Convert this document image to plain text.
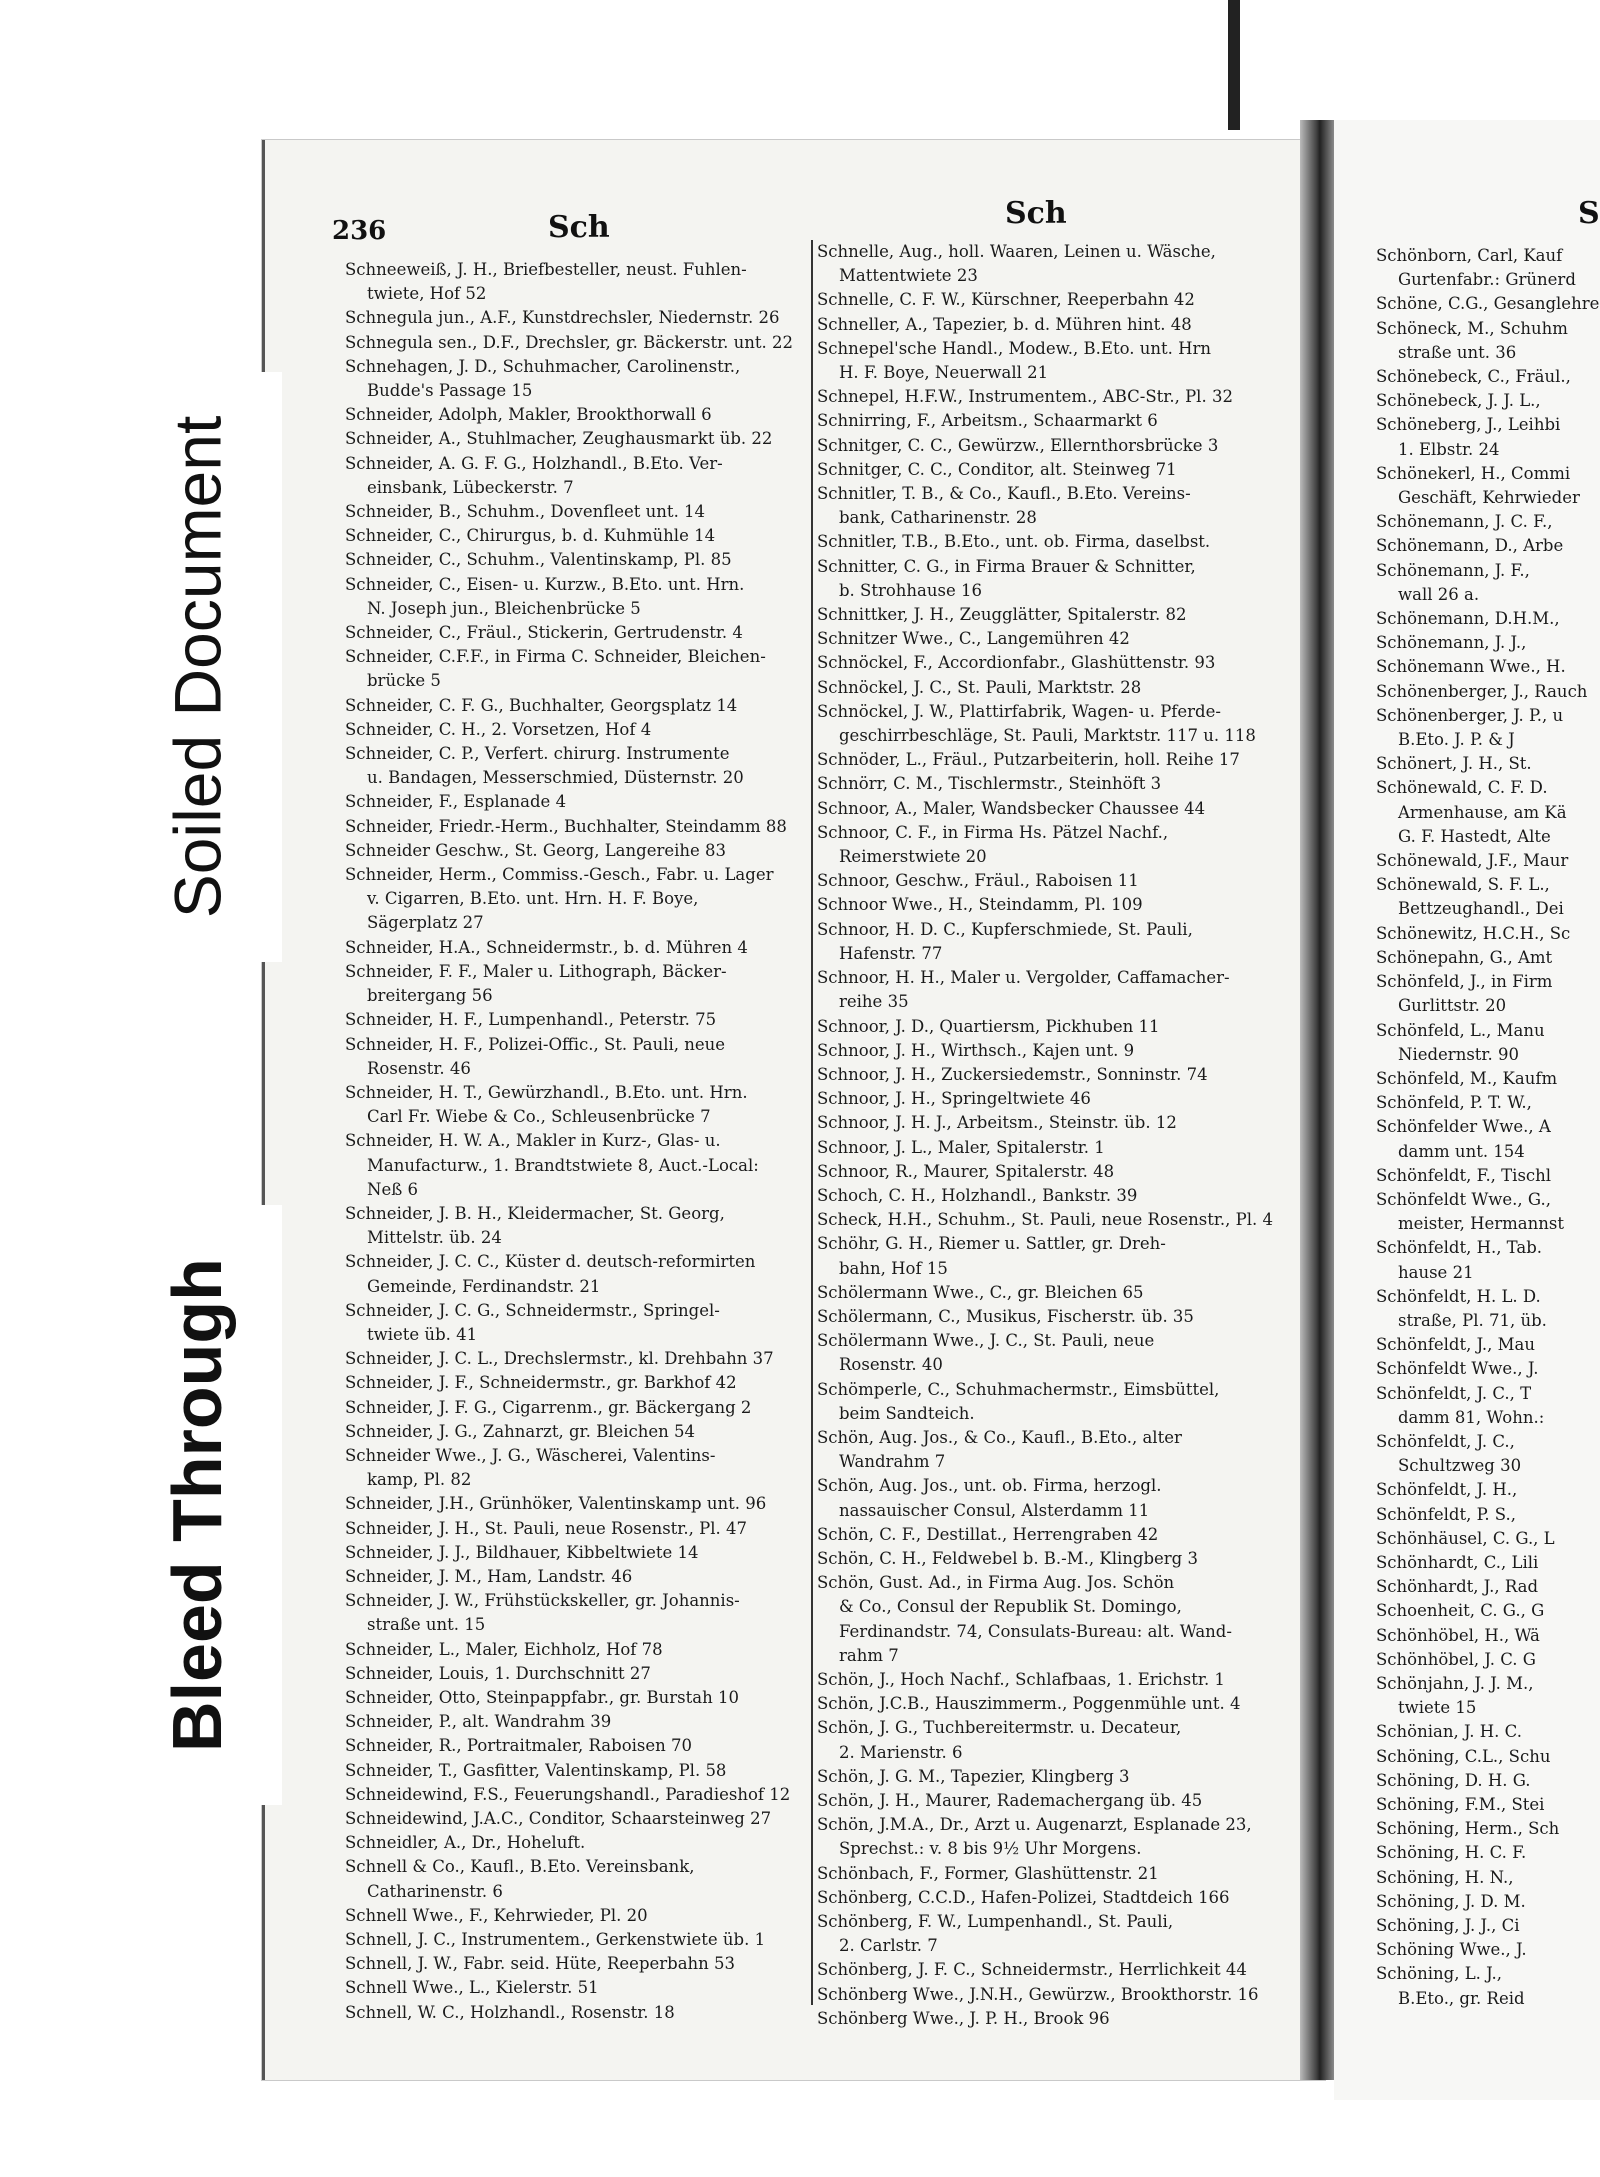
236	Sch	Sch	S
Schneeweiß, J. H., Briefbesteller, neust. Fuhlen-
twiete, Hof 52
Schnegula jun., A.F., Kunstdrechsler, Niedernstr. 26
Schnegula sen., D.F., Drechsler, gr. Bäckerstr. unt. 22
Schnehagen, J. D., Schuhmacher, Carolinenstr.,
Budde's Passage 15
Schneider, Adolph, Makler, Brookthorwall 6
Schneider, A., Stuhlmacher, Zeughausmarkt üb. 22
Schneider, A. G. F. G., Holzhandl., B.Eto. Ver-
einsbank, Lübeckerstr. 7
Schneider, B., Schuhm., Dovenfleet unt. 14
Schneider, C., Chirurgus, b. d. Kuhmühle 14
Schneider, C., Schuhm., Valentinskamp, Pl. 85
Schneider, C., Eisen- u. Kurzw., B.Eto. unt. Hrn.
N. Joseph jun., Bleichenbrücke 5
Schneider, C., Fräul., Stickerin, Gertrudenstr. 4
Schneider, C.F.F., in Firma C. Schneider, Bleichen-
brücke 5
Schneider, C. F. G., Buchhalter, Georgsplatz 14
Schneider, C. H., 2. Vorsetzen, Hof 4
Schneider, C. P., Verfert. chirurg. Instrumente
u. Bandagen, Messerschmied, Düsternstr. 20
Schneider, F., Esplanade 4
Schneider, Friedr.-Herm., Buchhalter, Steindamm 88
Schneider Geschw., St. Georg, Langereihe 83
Schneider, Herm., Commiss.-Gesch., Fabr. u. Lager
v. Cigarren, B.Eto. unt. Hrn. H. F. Boye,
Sägerplatz 27
Schneider, H.A., Schneidermstr., b. d. Mühren 4
Schneider, F. F., Maler u. Lithograph, Bäcker-
breitergang 56
Schneider, H. F., Lumpenhandl., Peterstr. 75
Schneider, H. F., Polizei-Offic., St. Pauli, neue
Rosenstr. 46
Schneider, H. T., Gewürzhandl., B.Eto. unt. Hrn.
Carl Fr. Wiebe & Co., Schleusenbrücke 7
Schneider, H. W. A., Makler in Kurz-, Glas- u.
Manufacturw., 1. Brandtstwiete 8, Auct.-Local:
Neß 6
Schneider, J. B. H., Kleidermacher, St. Georg,
Mittelstr. üb. 24
Schneider, J. C. C., Küster d. deutsch-reformirten
Gemeinde, Ferdinandstr. 21
Schneider, J. C. G., Schneidermstr., Springel-
twiete üb. 41
Schneider, J. C. L., Drechslermstr., kl. Drehbahn 37
Schneider, J. F., Schneidermstr., gr. Barkhof 42
Schneider, J. F. G., Cigarrenm., gr. Bäckergang 2
Schneider, J. G., Zahnarzt, gr. Bleichen 54
Schneider Wwe., J. G., Wäscherei, Valentins-
kamp, Pl. 82
Schneider, J.H., Grünhöker, Valentinskamp unt. 96
Schneider, J. H., St. Pauli, neue Rosenstr., Pl. 47
Schneider, J. J., Bildhauer, Kibbeltwiete 14
Schneider, J. M., Ham, Landstr. 46
Schneider, J. W., Frühstückskeller, gr. Johannis-
straße unt. 15
Schneider, L., Maler, Eichholz, Hof 78
Schneider, Louis, 1. Durchschnitt 27
Schneider, Otto, Steinpappfabr., gr. Burstah 10
Schneider, P., alt. Wandrahm 39
Schneider, R., Portraitmaler, Raboisen 70
Schneider, T., Gasfitter, Valentinskamp, Pl. 58
Schneidewind, F.S., Feuerungshandl., Paradieshof 12
Schneidewind, J.A.C., Conditor, Schaarsteinweg 27
Schneidler, A., Dr., Hoheluft.
Schnell & Co., Kaufl., B.Eto. Vereinsbank,
Catharinenstr. 6
Schnell Wwe., F., Kehrwieder, Pl. 20
Schnell, J. C., Instrumentem., Gerkenstwiete üb. 1
Schnell, J. W., Fabr. seid. Hüte, Reeperbahn 53
Schnell Wwe., L., Kielerstr. 51
Schnell, W. C., Holzhandl., Rosenstr. 18
Schnelle, Aug., holl. Waaren, Leinen u. Wäsche,
Mattentwiete 23
Schnelle, C. F. W., Kürschner, Reeperbahn 42
Schneller, A., Tapezier, b. d. Mühren hint. 48
Schnepel'sche Handl., Modew., B.Eto. unt. Hrn
H. F. Boye, Neuerwall 21
Schnepel, H.F.W., Instrumentem., ABC-Str., Pl. 32
Schnirring, F., Arbeitsm., Schaarmarkt 6
Schnitger, C. C., Gewürzw., Ellernthorsbrücke 3
Schnitger, C. C., Conditor, alt. Steinweg 71
Schnitler, T. B., & Co., Kaufl., B.Eto. Vereins-
bank, Catharinenstr. 28
Schnitler, T.B., B.Eto., unt. ob. Firma, daselbst.
Schnitter, C. G., in Firma Brauer & Schnitter,
b. Strohhause 16
Schnittker, J. H., Zeugglätter, Spitalerstr. 82
Schnitzer Wwe., C., Langemühren 42
Schnöckel, F., Accordionfabr., Glashüttenstr. 93
Schnöckel, J. C., St. Pauli, Marktstr. 28
Schnöckel, J. W., Plattirfabrik, Wagen- u. Pferde-
geschirrbeschläge, St. Pauli, Marktstr. 117 u. 118
Schnöder, L., Fräul., Putzarbeiterin, holl. Reihe 17
Schnörr, C. M., Tischlermstr., Steinhöft 3
Schnoor, A., Maler, Wandsbecker Chaussee 44
Schnoor, C. F., in Firma Hs. Pätzel Nachf.,
Reimerstwiete 20
Schnoor, Geschw., Fräul., Raboisen 11
Schnoor Wwe., H., Steindamm, Pl. 109
Schnoor, H. D. C., Kupferschmiede, St. Pauli,
Hafenstr. 77
Schnoor, H. H., Maler u. Vergolder, Caffamacher-
reihe 35
Schnoor, J. D., Quartiersm, Pickhuben 11
Schnoor, J. H., Wirthsch., Kajen unt. 9
Schnoor, J. H., Zuckersiedemstr., Sonninstr. 74
Schnoor, J. H., Springeltwiete 46
Schnoor, J. H. J., Arbeitsm., Steinstr. üb. 12
Schnoor, J. L., Maler, Spitalerstr. 1
Schnoor, R., Maurer, Spitalerstr. 48
Schoch, C. H., Holzhandl., Bankstr. 39
Scheck, H.H., Schuhm., St. Pauli, neue Rosenstr., Pl. 4
Schöhr, G. H., Riemer u. Sattler, gr. Dreh-
bahn, Hof 15
Schölermann Wwe., C., gr. Bleichen 65
Schölermann, C., Musikus, Fischerstr. üb. 35
Schölermann Wwe., J. C., St. Pauli, neue
Rosenstr. 40
Schömperle, C., Schuhmachermstr., Eimsbüttel,
beim Sandteich.
Schön, Aug. Jos., & Co., Kaufl., B.Eto., alter
Wandrahm 7
Schön, Aug. Jos., unt. ob. Firma, herzogl.
nassauischer Consul, Alsterdamm 11
Schön, C. F., Destillat., Herrengraben 42
Schön, C. H., Feldwebel b. B.-M., Klingberg 3
Schön, Gust. Ad., in Firma Aug. Jos. Schön
& Co., Consul der Republik St. Domingo,
Ferdinandstr. 74, Consulats-Bureau: alt. Wand-
rahm 7
Schön, J., Hoch Nachf., Schlafbaas, 1. Erichstr. 1
Schön, J.C.B., Hauszimmerm., Poggenmühle unt. 4
Schön, J. G., Tuchbereitermstr. u. Decateur,
2. Marienstr. 6
Schön, J. G. M., Tapezier, Klingberg 3
Schön, J. H., Maurer, Rademachergang üb. 45
Schön, J.M.A., Dr., Arzt u. Augenarzt, Esplanade 23,
Sprechst.: v. 8 bis 9½ Uhr Morgens.
Schönbach, F., Former, Glashüttenstr. 21
Schönberg, C.C.D., Hafen-Polizei, Stadtdeich 166
Schönberg, F. W., Lumpenhandl., St. Pauli,
2. Carlstr. 7
Schönberg, J. F. C., Schneidermstr., Herrlichkeit 44
Schönberg Wwe., J.N.H., Gewürzw., Brookthorstr. 16
Schönberg Wwe., J. P. H., Brook 96
Schönborn, Carl, Kauf
Gurtenfabr.: Grünerd
Schöne, C.G., Gesanglehre
Schöneck, M., Schuhm
straße unt. 36
Schönebeck, C., Fräul.,
Schönebeck, J. J. L.,
Schöneberg, J., Leihbi
1. Elbstr. 24
Schönekerl, H., Commi
Geschäft, Kehrwieder
Schönemann, J. C. F.,
Schönemann, D., Arbe
Schönemann, J. F.,
wall 26 a.
Schönemann, D.H.M.,
Schönemann, J. J.,
Schönemann Wwe., H.
Schönenberger, J., Rauch
Schönenberger, J. P., u
B.Eto. J. P. & J
Schönert, J. H., St.
Schönewald, C. F. D.
Armenhause, am Kä
G. F. Hastedt, Alte
Schönewald, J.F., Maur
Schönewald, S. F. L.,
Bettzeughandl., Dei
Schönewitz, H.C.H., Sc
Schönepahn, G., Amt
Schönfeld, J., in Firm
Gurlittstr. 20
Schönfeld, L., Manu
Niedernstr. 90
Schönfeld, M., Kaufm
Schönfeld, P. T. W.,
Schönfelder Wwe., A
damm unt. 154
Schönfeldt, F., Tischl
Schönfeldt Wwe., G.,
meister, Hermannst
Schönfeldt, H., Tab.
hause 21
Schönfeldt, H. L. D.
straße, Pl. 71, üb.
Schönfeldt, J., Mau
Schönfeldt Wwe., J.
Schönfeldt, J. C., T
damm 81, Wohn.:
Schönfeldt, J. C.,
Schultzweg 30
Schönfeldt, J. H.,
Schönfeldt, P. S.,
Schönhäusel, C. G., L
Schönhardt, C., Lili
Schönhardt, J., Rad
Schoenheit, C. G., G
Schönhöbel, H., Wä
Schönhöbel, J. C. G
Schönjahn, J. J. M.,
twiete 15
Schönian, J. H. C.
Schöning, C.L., Schu
Schöning, D. H. G.
Schöning, F.M., Stei
Schöning, Herm., Sch
Schöning, H. C. F.
Schöning, H. N.,
Schöning, J. D. M.
Schöning, J. J., Ci
Schöning Wwe., J.
Schöning, L. J.,
B.Eto., gr. Reid
Soiled Document
Bleed Through
